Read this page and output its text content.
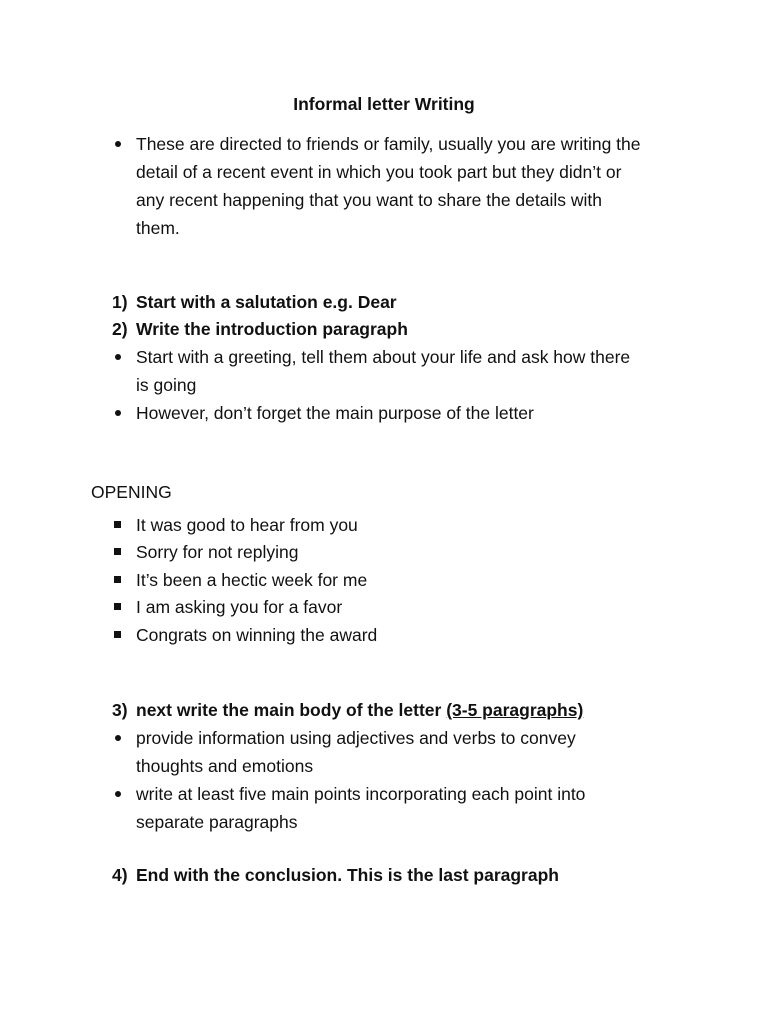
Informal letter Writing
These are directed to friends or family, usually you are writing the
detail of a recent event in which you took part but they didn’t or
any recent happening that you want to share the details with
them.
1) Start with a salutation e.g. Dear
2) Write the introduction paragraph
Start with a greeting, tell them about your life and ask how there
is going
However, don’t forget the main purpose of the letter
OPENING
It was good to hear from you
Sorry for not replying
It’s been a hectic week for me
I am asking you for a favor
Congrats on winning the award
3) next write the main body of the letter (3-5 paragraphs)
provide information using adjectives and verbs to convey
thoughts and emotions
write at least five main points incorporating each point into
separate paragraphs
4) End with the conclusion. This is the last paragraph
